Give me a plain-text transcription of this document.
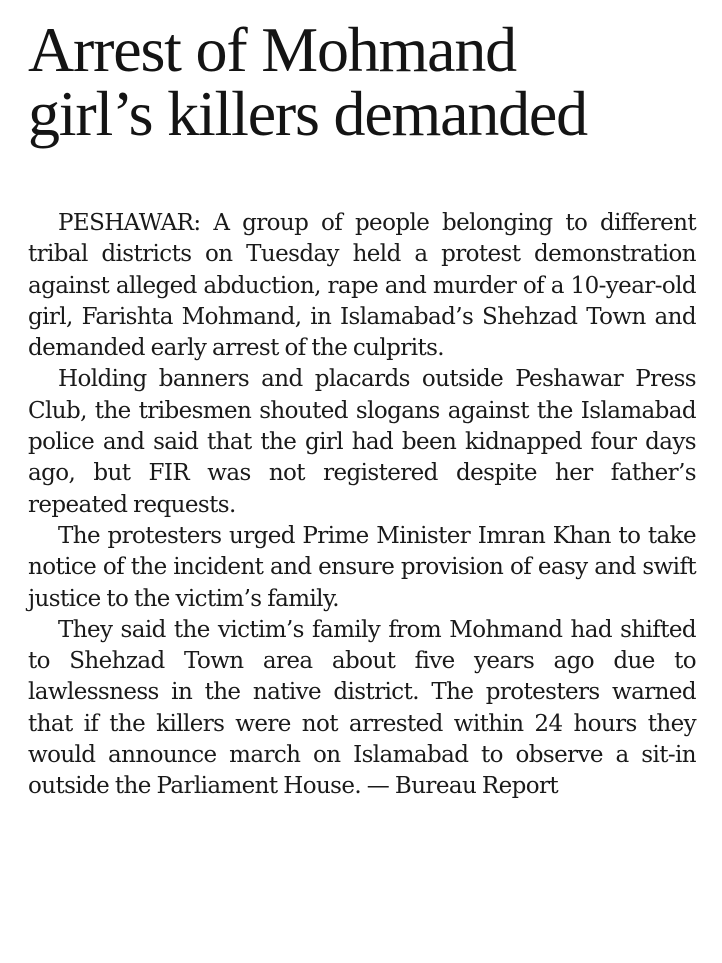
Arrest of Mohmand
girl’s killers demanded

PESHAWAR: A group of people belonging to different tribal districts on Tuesday held a protest demonstration against alleged abduction, rape and murder of a 10-year-old girl, Farishta Mohmand, in Islamabad’s Shehzad Town and demanded early arrest of the culprits.

Holding banners and placards outside Peshawar Press Club, the tribesmen shouted slogans against the Islamabad police and said that the girl had been kidnapped four days ago, but FIR was not registered despite her father’s repeated requests.

The protesters urged Prime Minister Imran Khan to take notice of the incident and ensure provision of easy and swift justice to the victim’s family.

They said the victim’s family from Mohmand had shifted to Shehzad Town area about five years ago due to lawlessness in the native district. The protesters warned that if the killers were not arrested within 24 hours they would announce march on Islamabad to observe a sit-in outside the Parliament House. — Bureau Report
